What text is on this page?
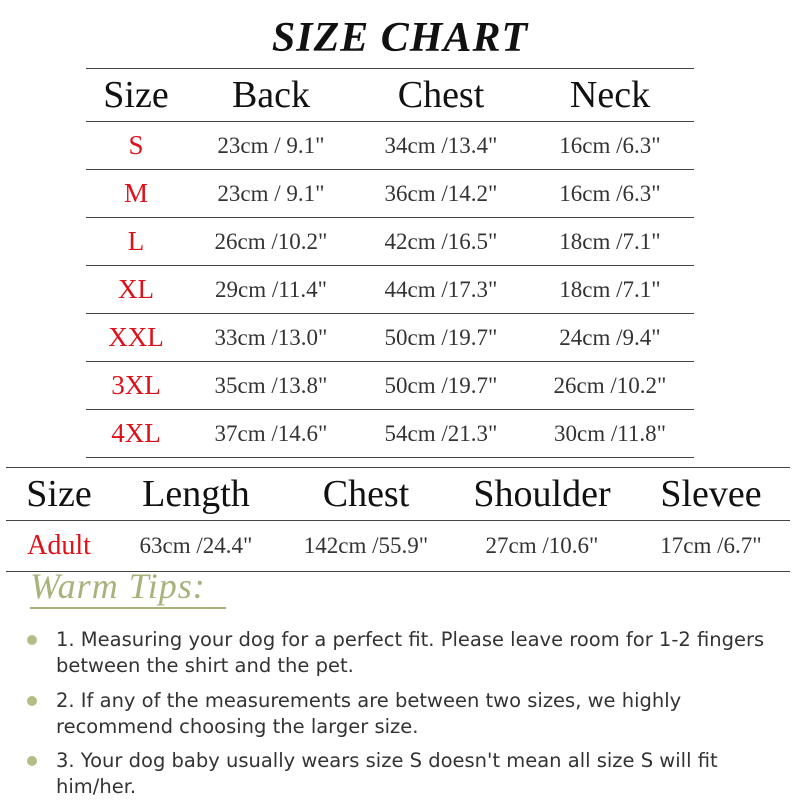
SIZE CHART
Size	Back	Chest	Neck
S	23cm / 9.1"	34cm /13.4"	16cm /6.3"
M	23cm / 9.1"	36cm /14.2"	16cm /6.3"
L	26cm /10.2"	42cm /16.5"	18cm /7.1"
XL	29cm /11.4"	44cm /17.3"	18cm /7.1"
XXL	33cm /13.0"	50cm /19.7"	24cm /9.4"
3XL	35cm /13.8"	50cm /19.7"	26cm /10.2"
4XL	37cm /14.6"	54cm /21.3"	30cm /11.8"
Size	Length	Chest	Shoulder	Slevee
Adult	63cm /24.4"	142cm /55.9"	27cm /10.6"	17cm /6.7"
Warm Tips:
1. Measuring your dog for a perfect fit. Please leave room for 1-2 fingers between the shirt and the pet.
2. If any of the measurements are between two sizes, we highly recommend choosing the larger size.
3. Your dog baby usually wears size S doesn't mean all size S will fit him/her.
